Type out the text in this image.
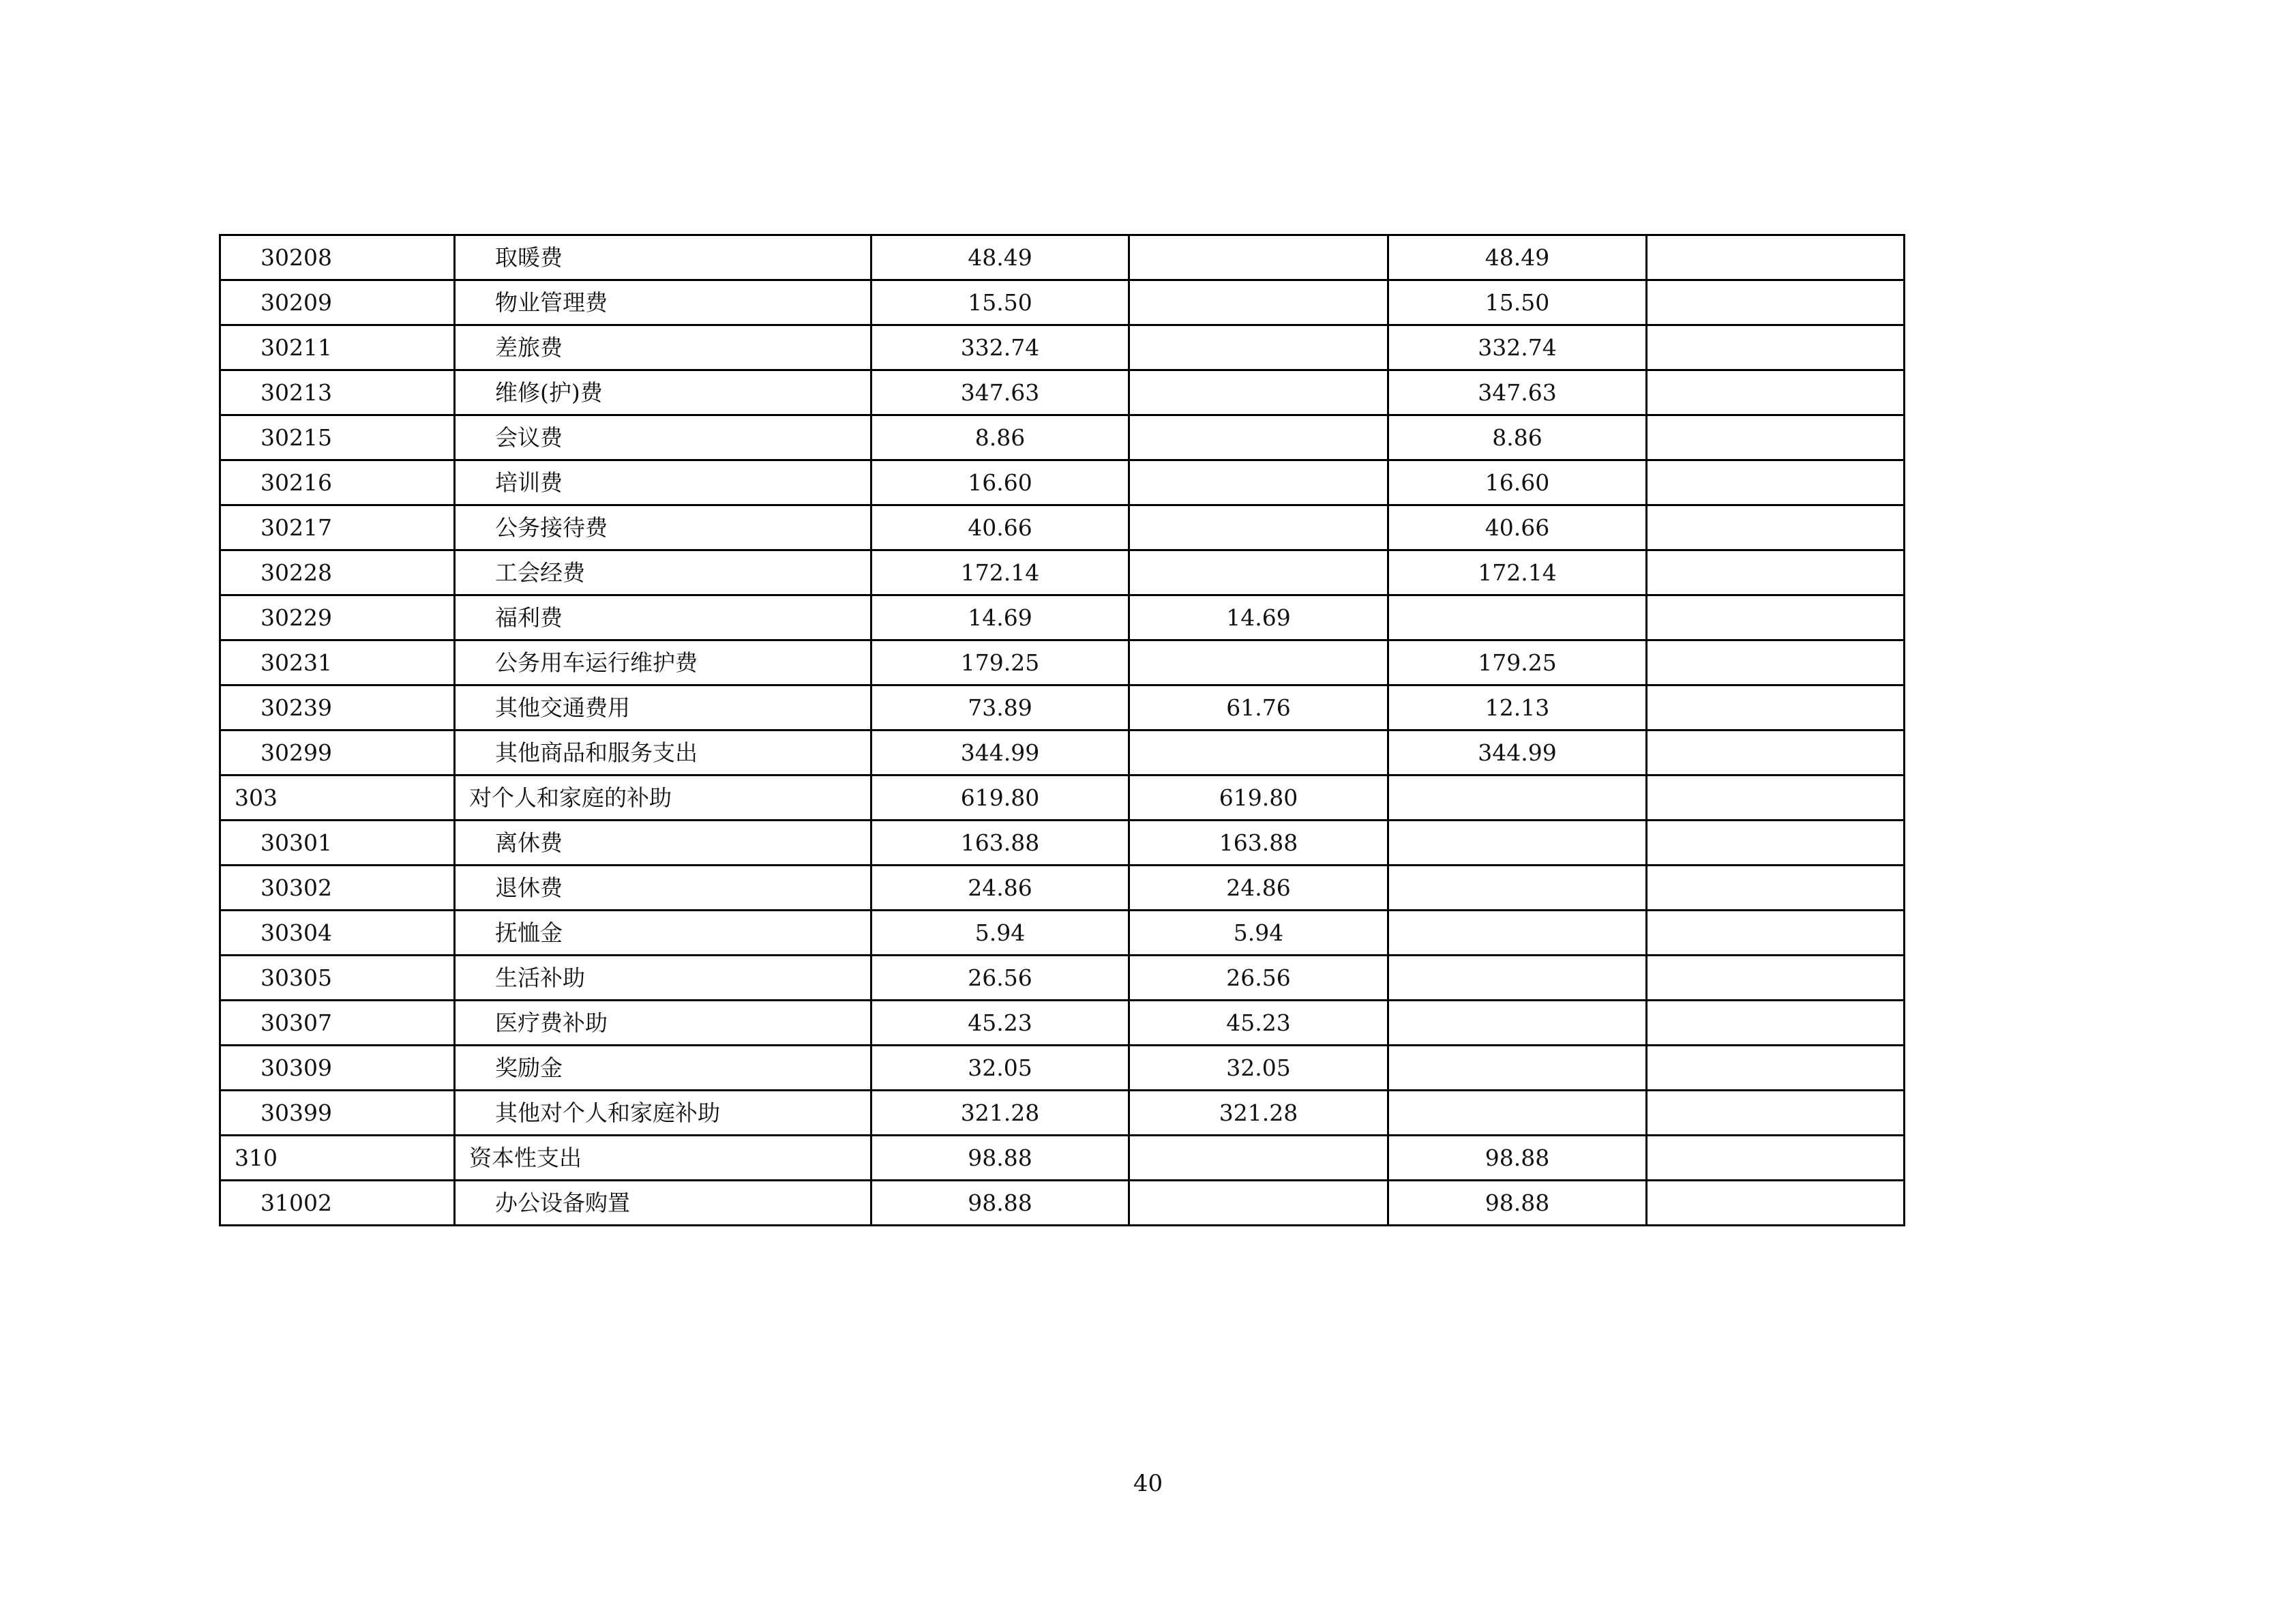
30208	取暖费	48.49		48.49	
30209	物业管理费	15.50		15.50	
30211	差旅费	332.74		332.74	
30213	维修(护)费	347.63		347.63	
30215	会议费	8.86		8.86	
30216	培训费	16.60		16.60	
30217	公务接待费	40.66		40.66	
30228	工会经费	172.14		172.14	
30229	福利费	14.69	14.69		
30231	公务用车运行维护费	179.25		179.25	
30239	其他交通费用	73.89	61.76	12.13	
30299	其他商品和服务支出	344.99		344.99	
303	对个人和家庭的补助	619.80	619.80		
30301	离休费	163.88	163.88		
30302	退休费	24.86	24.86		
30304	抚恤金	5.94	5.94		
30305	生活补助	26.56	26.56		
30307	医疗费补助	45.23	45.23		
30309	奖励金	32.05	32.05		
30399	其他对个人和家庭补助	321.28	321.28		
310	资本性支出	98.88		98.88	
31002	办公设备购置	98.88		98.88	
40
